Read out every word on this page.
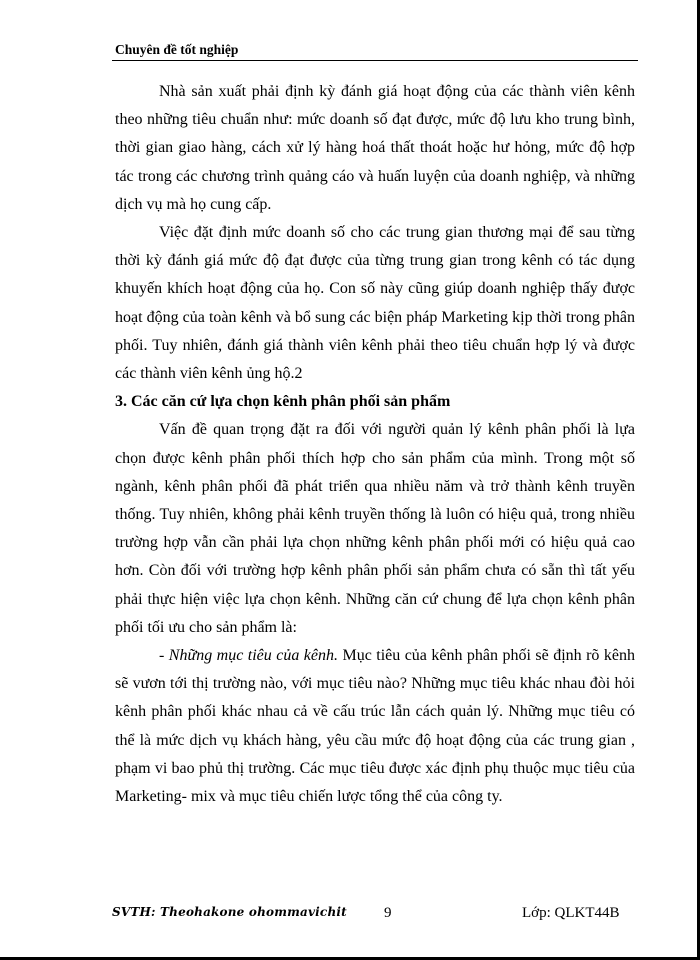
Chuyên đề tốt nghiệp

Nhà sản xuất phải định kỳ đánh giá hoạt động của các thành viên kênh theo những tiêu chuẩn như: mức doanh số đạt được, mức độ lưu kho trung bình, thời gian giao hàng, cách xử lý hàng hoá thất thoát hoặc hư hỏng, mức độ hợp tác trong các chương trình quảng cáo và huấn luyện của doanh nghiệp, và những dịch vụ mà họ cung cấp.

Việc đặt định mức doanh số cho các trung gian thương mại để sau từng thời kỳ đánh giá mức độ đạt được của từng trung gian trong kênh có tác dụng khuyến khích hoạt động của họ. Con số này cũng giúp doanh nghiệp thấy được hoạt động của toàn kênh và bổ sung các biện pháp Marketing kịp thời trong phân phối. Tuy nhiên, đánh giá thành viên kênh phải theo tiêu chuẩn hợp lý và được các thành viên kênh ủng hộ.2

3. Các căn cứ lựa chọn kênh phân phối sản phẩm

Vấn đề quan trọng đặt ra đối với người quản lý kênh phân phối là lựa chọn được kênh phân phối thích hợp cho sản phẩm của mình. Trong một số ngành, kênh phân phối đã phát triển qua nhiều năm và trở thành kênh truyền thống. Tuy nhiên, không phải kênh truyền thống là luôn có hiệu quả, trong nhiều trường hợp vẫn cần phải lựa chọn những kênh phân phối mới có hiệu quả cao hơn. Còn đối với trường hợp kênh phân phối sản phẩm chưa có sẵn thì tất yếu phải thực hiện việc lựa chọn kênh. Những căn cứ chung để lựa chọn kênh phân phối tối ưu cho sản phẩm là:

- Những mục tiêu của kênh. Mục tiêu của kênh phân phối sẽ định rõ kênh sẽ vươn tới thị trường nào, với mục tiêu nào? Những mục tiêu khác nhau đòi hỏi kênh phân phối khác nhau cả về cấu trúc lẫn cách quản lý. Những mục tiêu có thể là mức dịch vụ khách hàng, yêu cầu mức độ hoạt động của các trung gian , phạm vi bao phủ thị trường. Các mục tiêu được xác định phụ thuộc mục tiêu của Marketing- mix và mục tiêu chiến lược tổng thể của công ty.

SVTH: Theohakone ohommavichit 9	Lớp: QLKT44B
